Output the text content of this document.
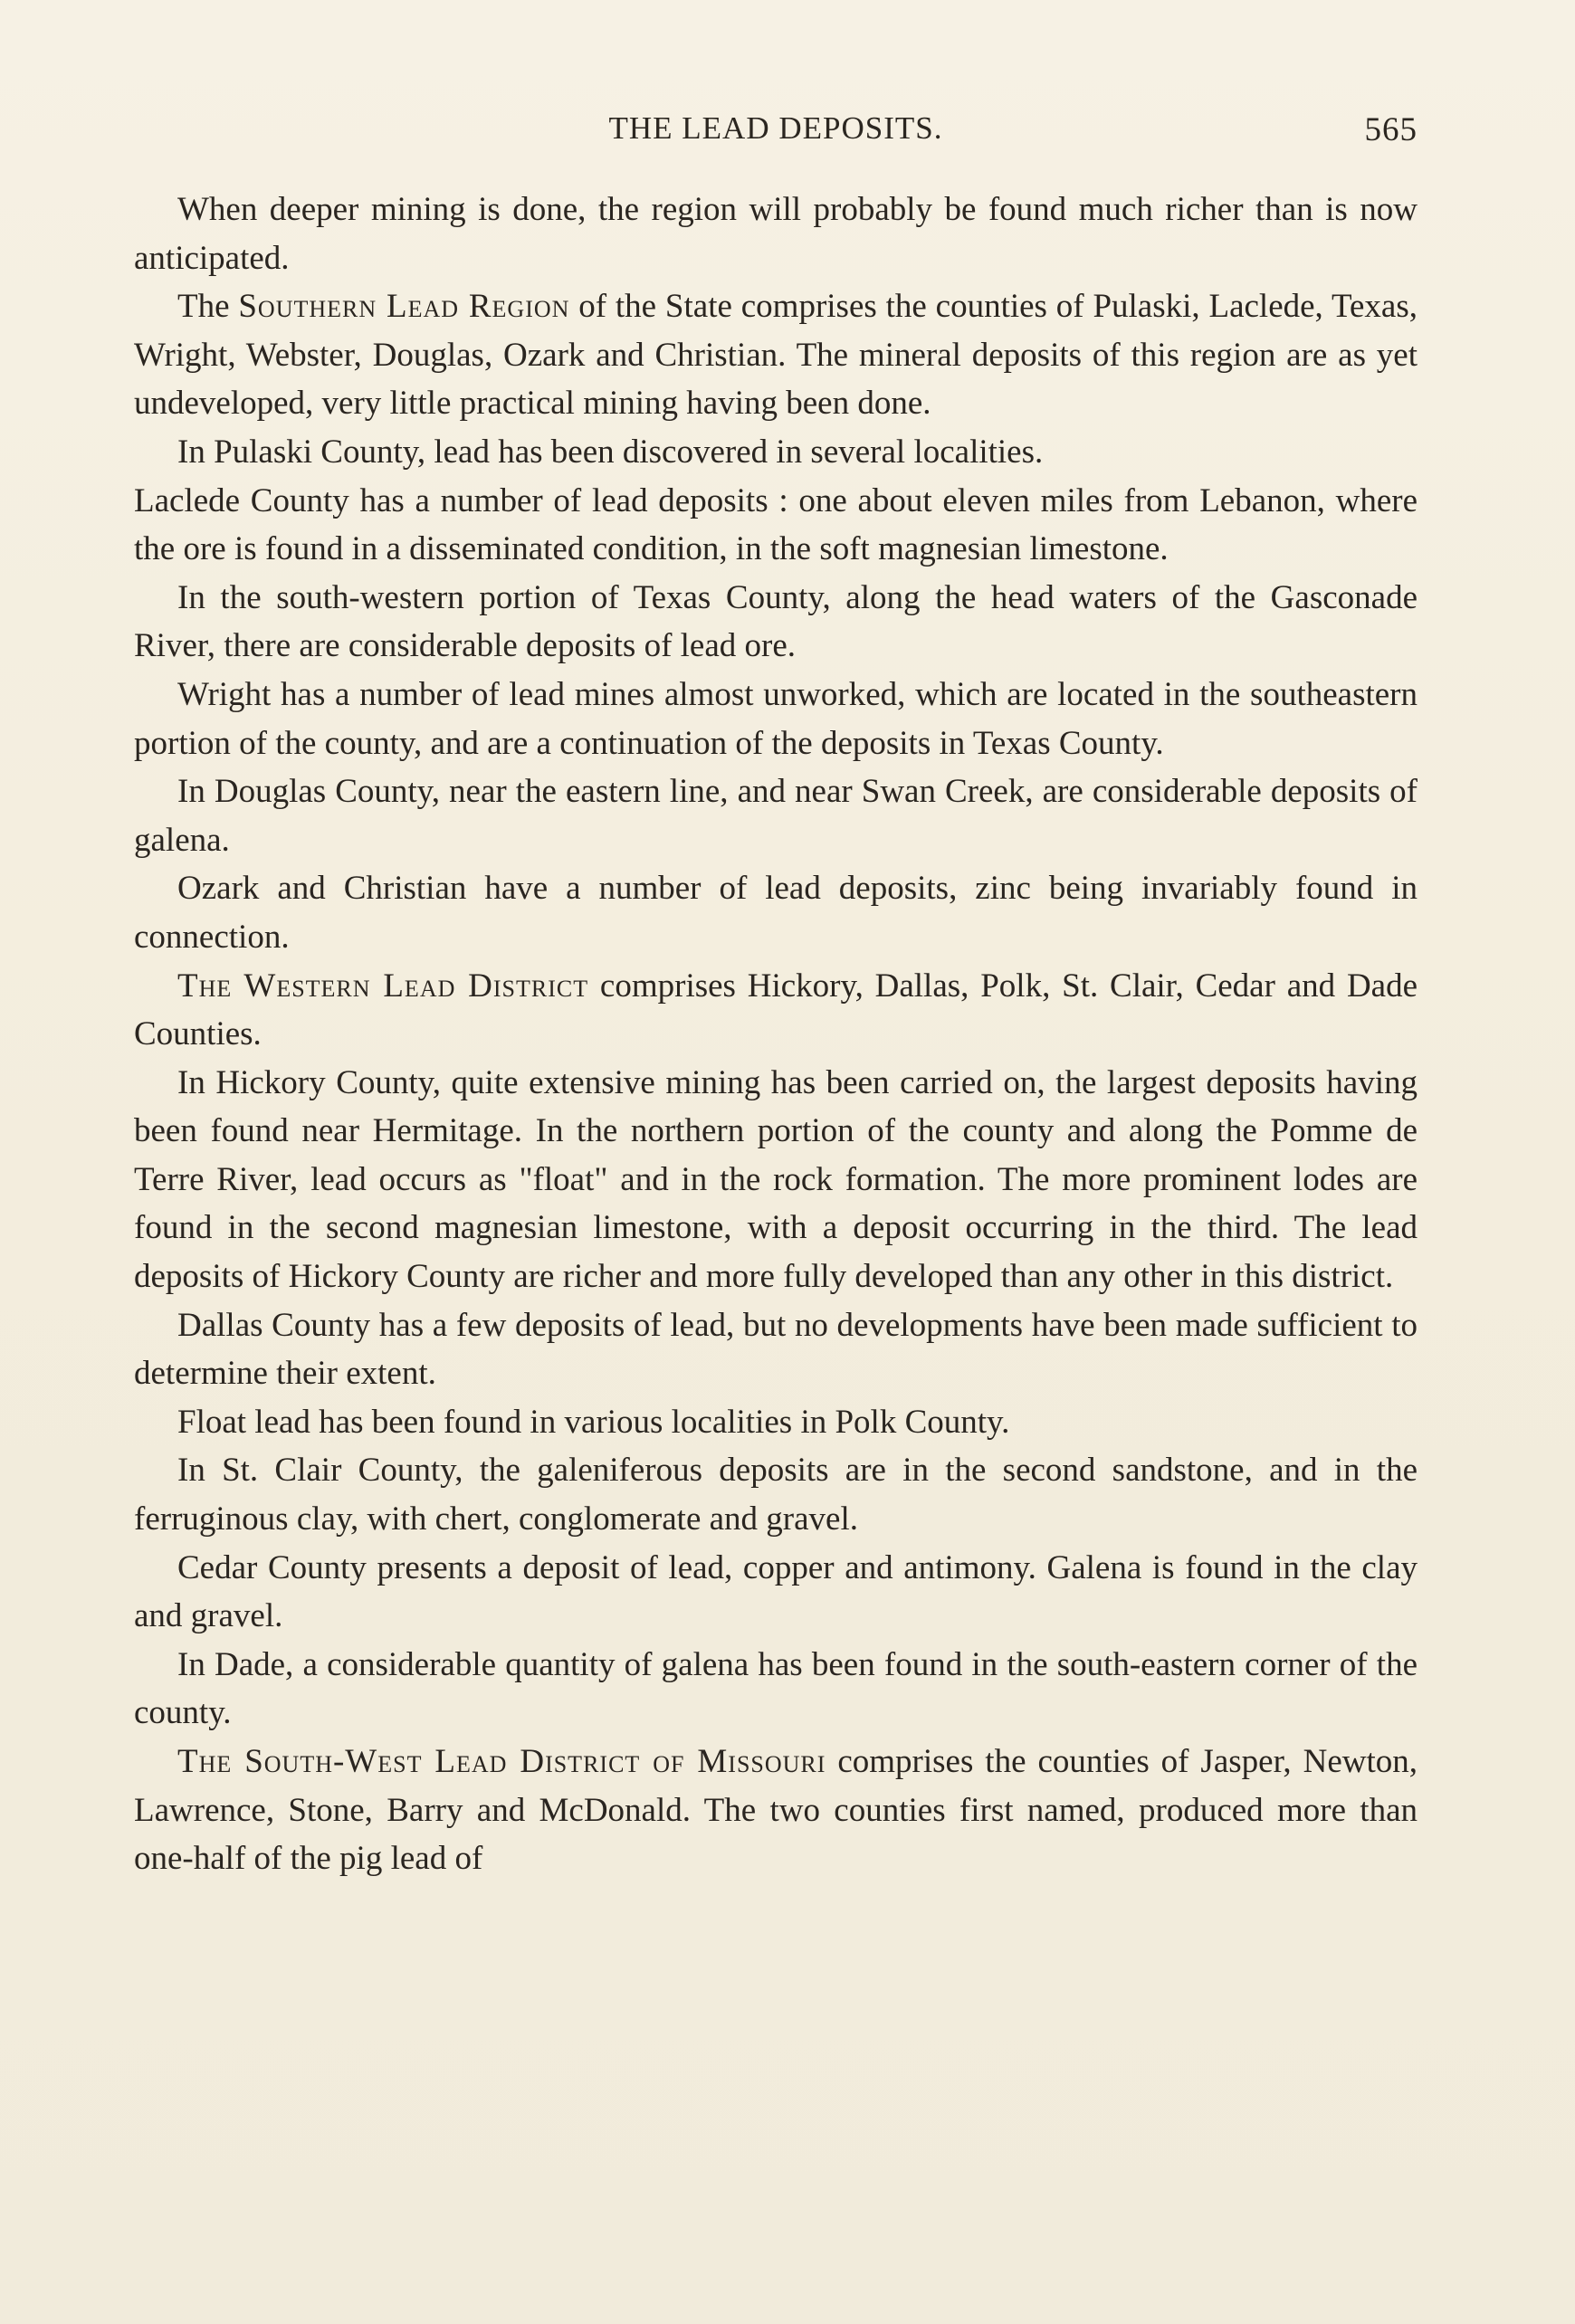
THE LEAD DEPOSITS.	565

When deeper mining is done, the region will probably be found much richer than is now anticipated.

The Southern Lead Region of the State comprises the counties of Pulaski, Laclede, Texas, Wright, Webster, Douglas, Ozark and Christian. The mineral deposits of this region are as yet undeveloped, very little practical mining having been done.

In Pulaski County, lead has been discovered in several localities.

Laclede County has a number of lead deposits : one about eleven miles from Lebanon, where the ore is found in a disseminated condition, in the soft magnesian limestone.

In the south-western portion of Texas County, along the head waters of the Gasconade River, there are considerable deposits of lead ore.

Wright has a number of lead mines almost unworked, which are located in the southeastern portion of the county, and are a continuation of the deposits in Texas County.

In Douglas County, near the eastern line, and near Swan Creek, are considerable deposits of galena.

Ozark and Christian have a number of lead deposits, zinc being invariably found in connection.

The Western Lead District comprises Hickory, Dallas, Polk, St. Clair, Cedar and Dade Counties.

In Hickory County, quite extensive mining has been carried on, the largest deposits having been found near Hermitage. In the northern portion of the county and along the Pomme de Terre River, lead occurs as "float" and in the rock formation. The more prominent lodes are found in the second magnesian limestone, with a deposit occurring in the third. The lead deposits of Hickory County are richer and more fully developed than any other in this district.

Dallas County has a few deposits of lead, but no developments have been made sufficient to determine their extent.

Float lead has been found in various localities in Polk County.

In St. Clair County, the galeniferous deposits are in the second sandstone, and in the ferruginous clay, with chert, conglomerate and gravel.

Cedar County presents a deposit of lead, copper and antimony. Galena is found in the clay and gravel.

In Dade, a considerable quantity of galena has been found in the south-eastern corner of the county.

The South-West Lead District of Missouri comprises the counties of Jasper, Newton, Lawrence, Stone, Barry and McDonald. The two counties first named, produced more than one-half of the pig lead of
